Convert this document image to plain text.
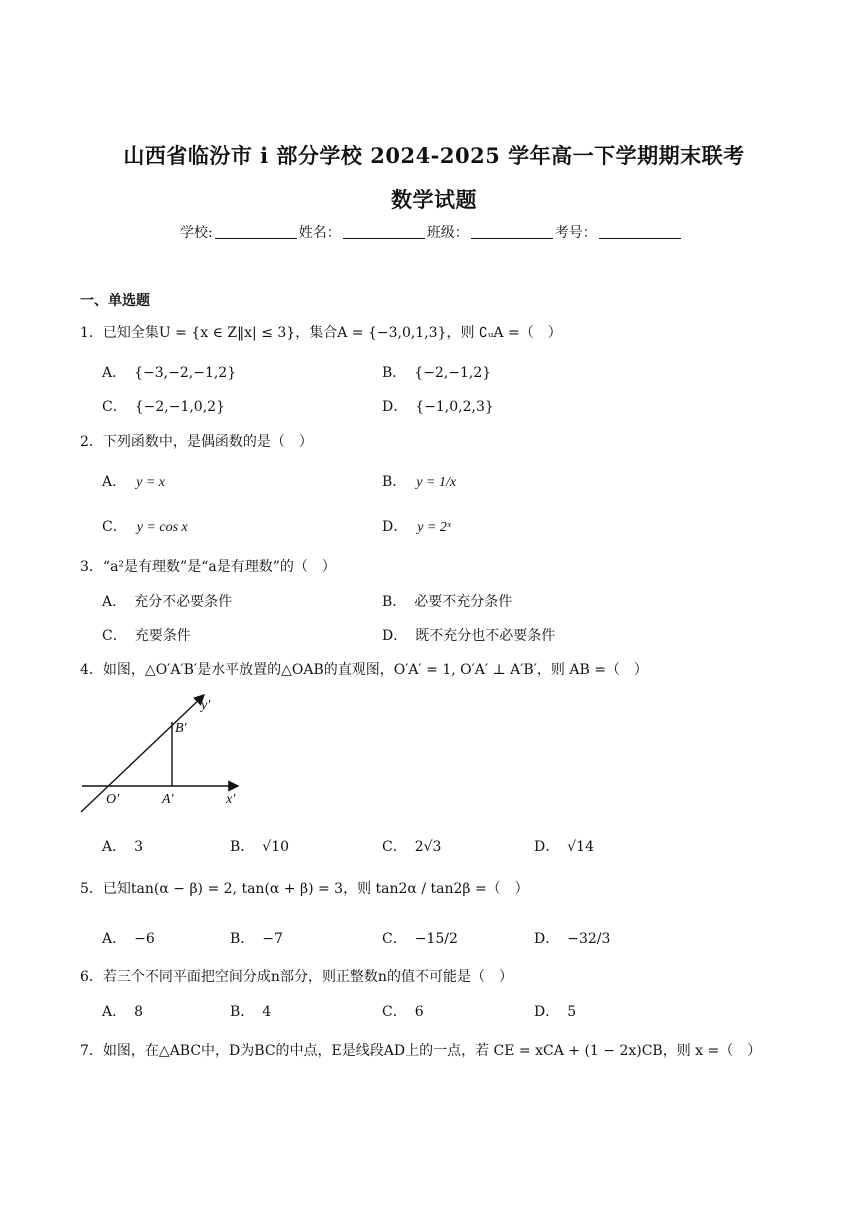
山西省临汾市 i 部分学校 2024-2025 学年高一下学期期末联考
数学试题
学校:	姓名：	班级：	考号：
一、单选题
1．已知全集U = {x ∈ Z‖x| ≤ 3}，集合A = {−3,0,1,3}，则 ∁ᵤA =（　）
A． {−3,−2,−1,2}	B． {−2,−1,2}
C． {−2,−1,0,2}	D． {−1,0,2,3}
2．下列函数中，是偶函数的是（　）
A． y = x	B． y = 1/x
C． y = cos x	D． y = 2ˣ
3．“a²是有理数”是“a是有理数”的（　）
A． 充分不必要条件	B． 必要不充分条件
C． 充要条件	D． 既不充分也不必要条件
4．如图，△O′A′B′是水平放置的△OAB的直观图，O′A′ = 1, O′A′ ⊥ A′B′，则 AB =（　）
y′
B′
O′	A′	x′
A． 3	B． √10	C． 2√3	D． √14
5．已知tan(α − β) = 2, tan(α + β) = 3，则 tan2α / tan2β =（　）
A． −6	B． −7	C． −15/2	D． −32/3
6．若三个不同平面把空间分成n部分，则正整数n的值不可能是（　）
A． 8	B． 4	C． 6	D． 5
7．如图，在△ABC中，D为BC的中点，E是线段AD上的一点，若 CE = xCA + (1 − 2x)CB，则 x =（　）
